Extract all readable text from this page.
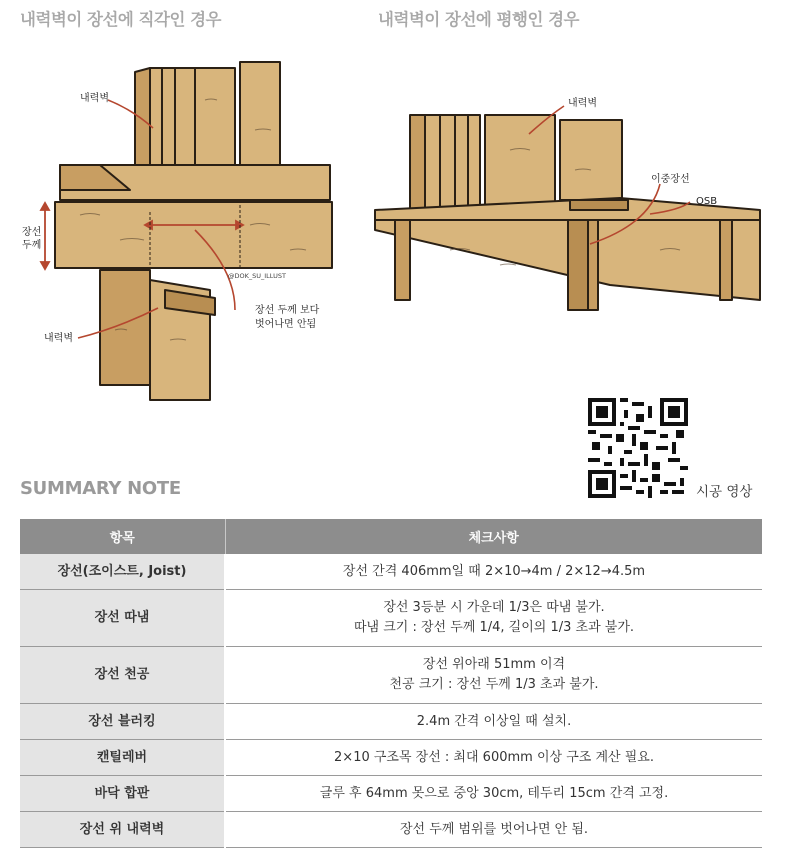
내력벽이 장선에 직각인 경우	내력벽이 장선에 평행인 경우
내력벽
장선
두께
@DOK_SU_ILLUST
장선 두께 보다
벗어나면 안됨
내력벽
내력벽
이중장선
OSB
시공 영상
SUMMARY NOTE
항목	체크사항
장선(조이스트, Joist)	장선 간격 406mm일 때 2×10→4m / 2×12→4.5m

장선 따냄	장선 3등분 시 가운데 1/3은 따냄 불가.
따냄 크기 : 장선 두께 1/4, 길이의 1/3 초과 불가.

장선 천공	장선 위아래 51mm 이격
천공 크기 : 장선 두께 1/3 초과 불가.

장선 블러킹	2.4m 간격 이상일 때 설치.

캔틸레버	2×10 구조목 장선 : 최대 600mm 이상 구조 계산 필요.

바닥 합판	글루 후 64mm 못으로 중앙 30cm, 테두리 15cm 간격 고정.

장선 위 내력벽	장선 두께 범위를 벗어나면 안 됨.
